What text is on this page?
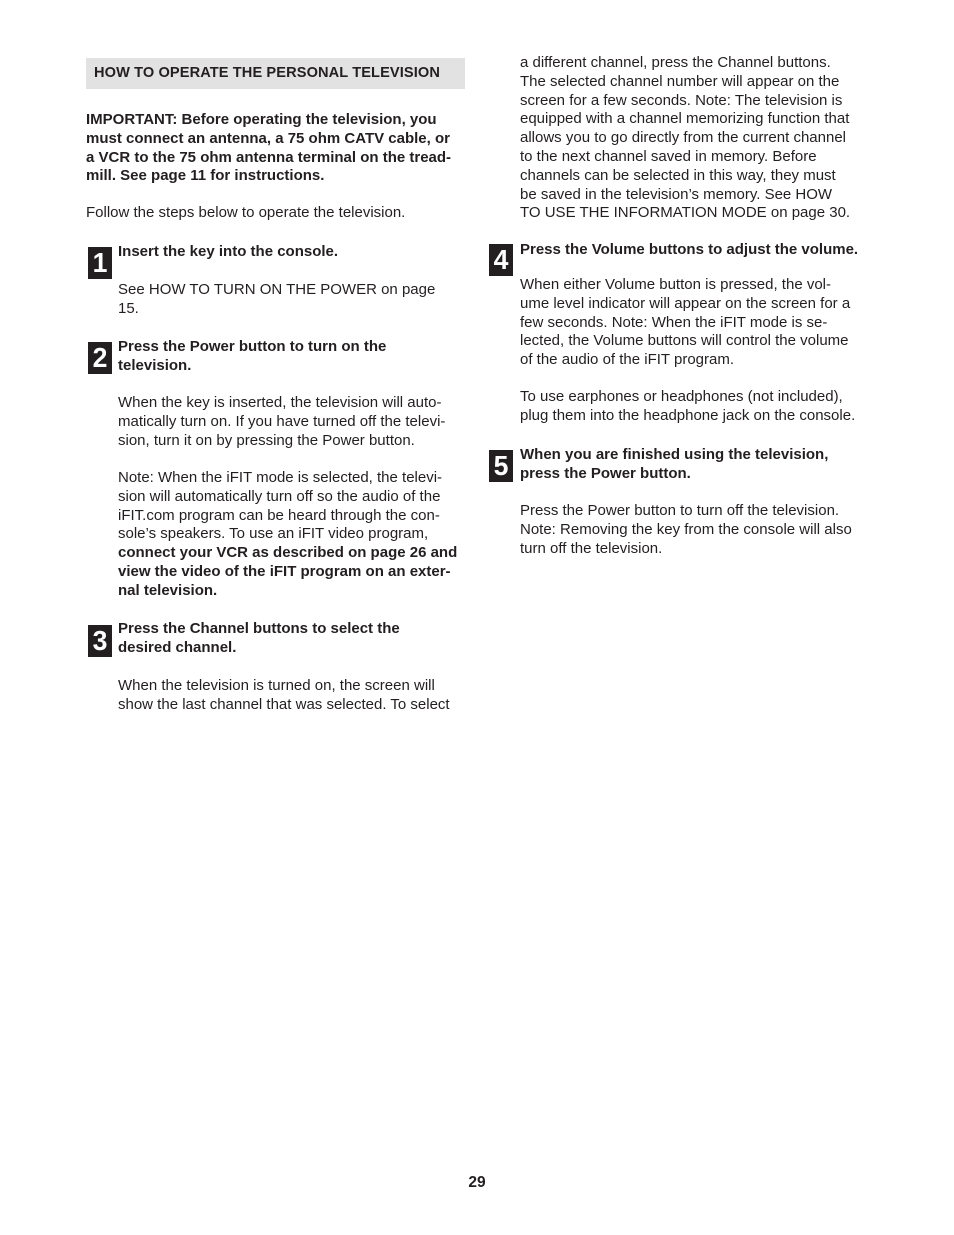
HOW TO OPERATE THE PERSONAL TELEVISION

IMPORTANT: Before operating the television, you
must connect an antenna, a 75 ohm CATV cable, or
a VCR to the 75 ohm antenna terminal on the tread-
mill. See page 11 for instructions.

Follow the steps below to operate the television.

1 Insert the key into the console.

See HOW TO TURN ON THE POWER on page
15.

2 Press the Power button to turn on the
television.

When the key is inserted, the television will auto-
matically turn on. If you have turned off the televi-
sion, turn it on by pressing the Power button.

Note: When the iFIT mode is selected, the televi-
sion will automatically turn off so the audio of the
iFIT.com program can be heard through the con-
sole’s speakers. To use an iFIT video program,

connect your VCR as described on page 26 and
view the video of the iFIT program on an exter-
nal television.

3 Press the Channel buttons to select the
desired channel.

When the television is turned on, the screen will
show the last channel that was selected. To select

a different channel, press the Channel buttons.
The selected channel number will appear on the
screen for a few seconds. Note: The television is
equipped with a channel memorizing function that
allows you to go directly from the current channel
to the next channel saved in memory. Before
channels can be selected in this way, they must
be saved in the television’s memory. See HOW
TO USE THE INFORMATION MODE on page 30.

4 Press the Volume buttons to adjust the volume.

When either Volume button is pressed, the vol-
ume level indicator will appear on the screen for a
few seconds. Note: When the iFIT mode is se-
lected, the Volume buttons will control the volume
of the audio of the iFIT program.

To use earphones or headphones (not included),
plug them into the headphone jack on the console.

5 When you are finished using the television,
press the Power button.

Press the Power button to turn off the television.
Note: Removing the key from the console will also
turn off the television.

29
